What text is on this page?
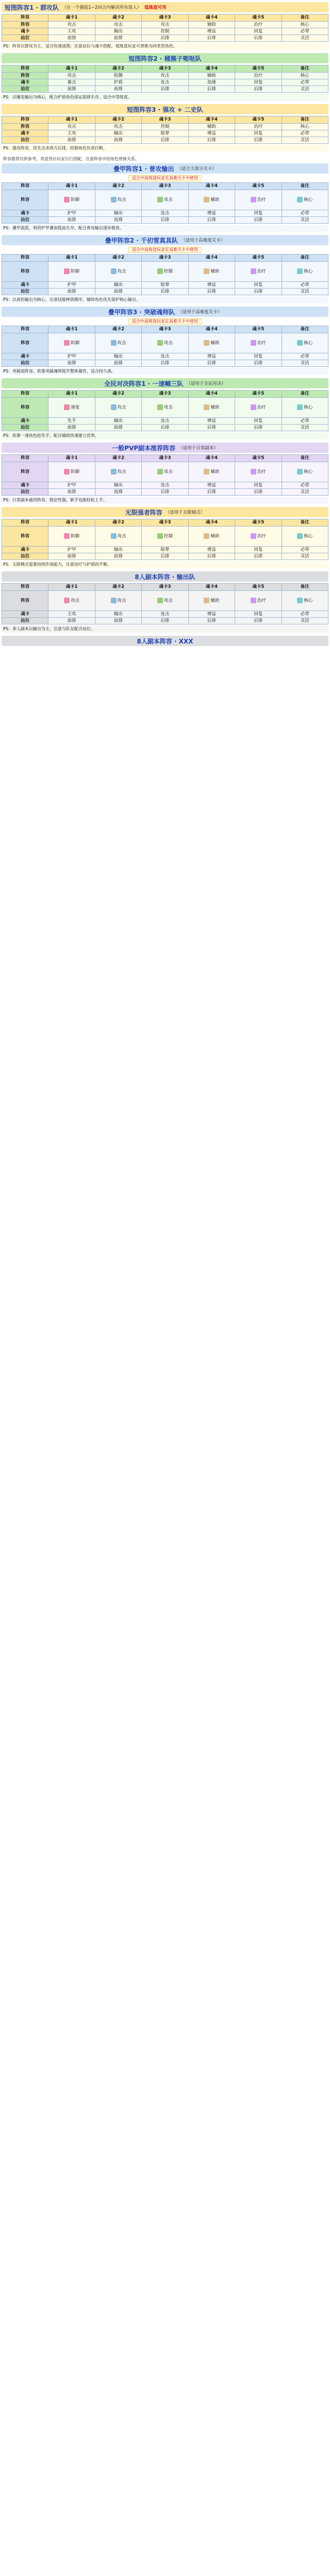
短图阵容1 · 群攻队 （在一个捕捉1~2回合内解决所有敌人） 低练度可用
阵容	魂卡1	魂卡2	魂卡3	魂卡4	魂卡5	备注
阵容	攻击	攻击	攻击	辅助	治疗	核心
魂卡	主攻	输出	控制	增益	回复	必带
站位	前排	前排	后排	后排	后排	灵活
PS：阵容以群攻为主，适合快速清图；注意站位与魂卡搭配，低练度玩家可替换为同类型角色。
短图阵容2 · 桶簇子啪哒队
阵容	魂卡1	魂卡2	魂卡3	魂卡4	魂卡5	备注
阵容	攻击	防御	攻击	辅助	治疗	核心
魂卡	暴击	护盾	连击	加速	回复	必带
站位	前排	前排	后排	后排	后排	灵活
PS：以爆发输出为核心，配合护盾角色保证前排生存，适合中等练度。
短图阵容3 · 强攻 + 二史队
阵容	魂卡1	魂卡2	魂卡3	魂卡4	魂卡5	备注
阵容	攻击	攻击	控制	辅助	治疗	核心
魂卡	主攻	输出	眩晕	增益	回复	必带
站位	前排	前排	后排	后排	后排	灵活
PS：强攻阵容，优先击杀敌方后排，控制角色负责打断。
阵容推荐仅供参考，欢迎各位玩家自行搭配，注意阵容中的角色替换关系。
叠甲阵容1 · 普攻输出 （适合大部分关卡）
适合中高练度玩家在高难关卡中使用
阵容	魂卡1	魂卡2	魂卡3	魂卡4	魂卡5	备注
阵容	防御	攻击	攻击	辅助	治疗	核心
魂卡	护甲	输出	连击	增益	回复	必带
站位	前排	前排	后排	后排	后排	灵活
PS：叠甲流派，利用护甲叠加提高生存，配合普攻输出逐步推进。
叠甲阵容2 · 千仞雪真具队 （适用于高难度关卡）
适合中高练度玩家在高难关卡中使用
阵容	魂卡1	魂卡2	魂卡3	魂卡4	魂卡5	备注
阵容	防御	攻击	控制	辅助	治疗	核心
魂卡	护甲	输出	眩晕	增益	回复	必带
站位	前排	前排	后排	后排	后排	灵活
PS：以真伤输出为核心，注意技能释放顺序，辅助角色优先保护核心输出。
叠甲阵容3 · 突破魂师队 （适用于高难度关卡）
适合中高练度玩家在高难关卡中使用
阵容	魂卡1	魂卡2	魂卡3	魂卡4	魂卡5	备注
阵容	防御	攻击	攻击	辅助	治疗	核心
魂卡	护甲	输出	连击	增益	回复	必带
站位	前排	前排	后排	后排	后排	灵活
PS：突破流阵容，依靠突破魂师提升整体属性，适合持久战。
全民对决阵容1 · 一速輔三队 （适用于全民对决）
阵容	魂卡1	魂卡2	魂卡3	魂卡4	魂卡5	备注
阵容	速度	攻击	攻击	辅助	治疗	核心
魂卡	先手	输出	连击	增益	回复	必带
站位	前排	前排	后排	后排	后排	灵活
PS：依靠一速角色抢先手，配合辅助快速建立优势。
一般PVP副本推荐阵容 （适用于日常副本）
阵容	魂卡1	魂卡2	魂卡3	魂卡4	魂卡5	备注
阵容	防御	攻击	攻击	辅助	治疗	核心
魂卡	护甲	输出	连击	增益	回复	必带
站位	前排	前排	后排	后排	后排	灵活
PS：日常副本通用阵容，稳定性强，新手也能轻松上手。
无限强者阵容 （适用于无限模式）
阵容	魂卡1	魂卡2	魂卡3	魂卡4	魂卡5	备注
阵容	防御	攻击	控制	辅助	治疗	核心
魂卡	护甲	输出	眩晕	增益	回复	必带
站位	前排	前排	后排	后排	后排	灵活
PS：无限模式需要持续作战能力，注意治疗与护盾的平衡。
8人副本阵容 · 输出队
阵容	魂卡1	魂卡2	魂卡3	魂卡4	魂卡5	备注
阵容	攻击	攻击	攻击	辅助	治疗	核心
魂卡	主攻	输出	连击	增益	回复	必带
站位	前排	前排	后排	后排	后排	灵活
PS：多人副本以输出为主，注意与队友配合站位。
8人副本阵容 · XXX
